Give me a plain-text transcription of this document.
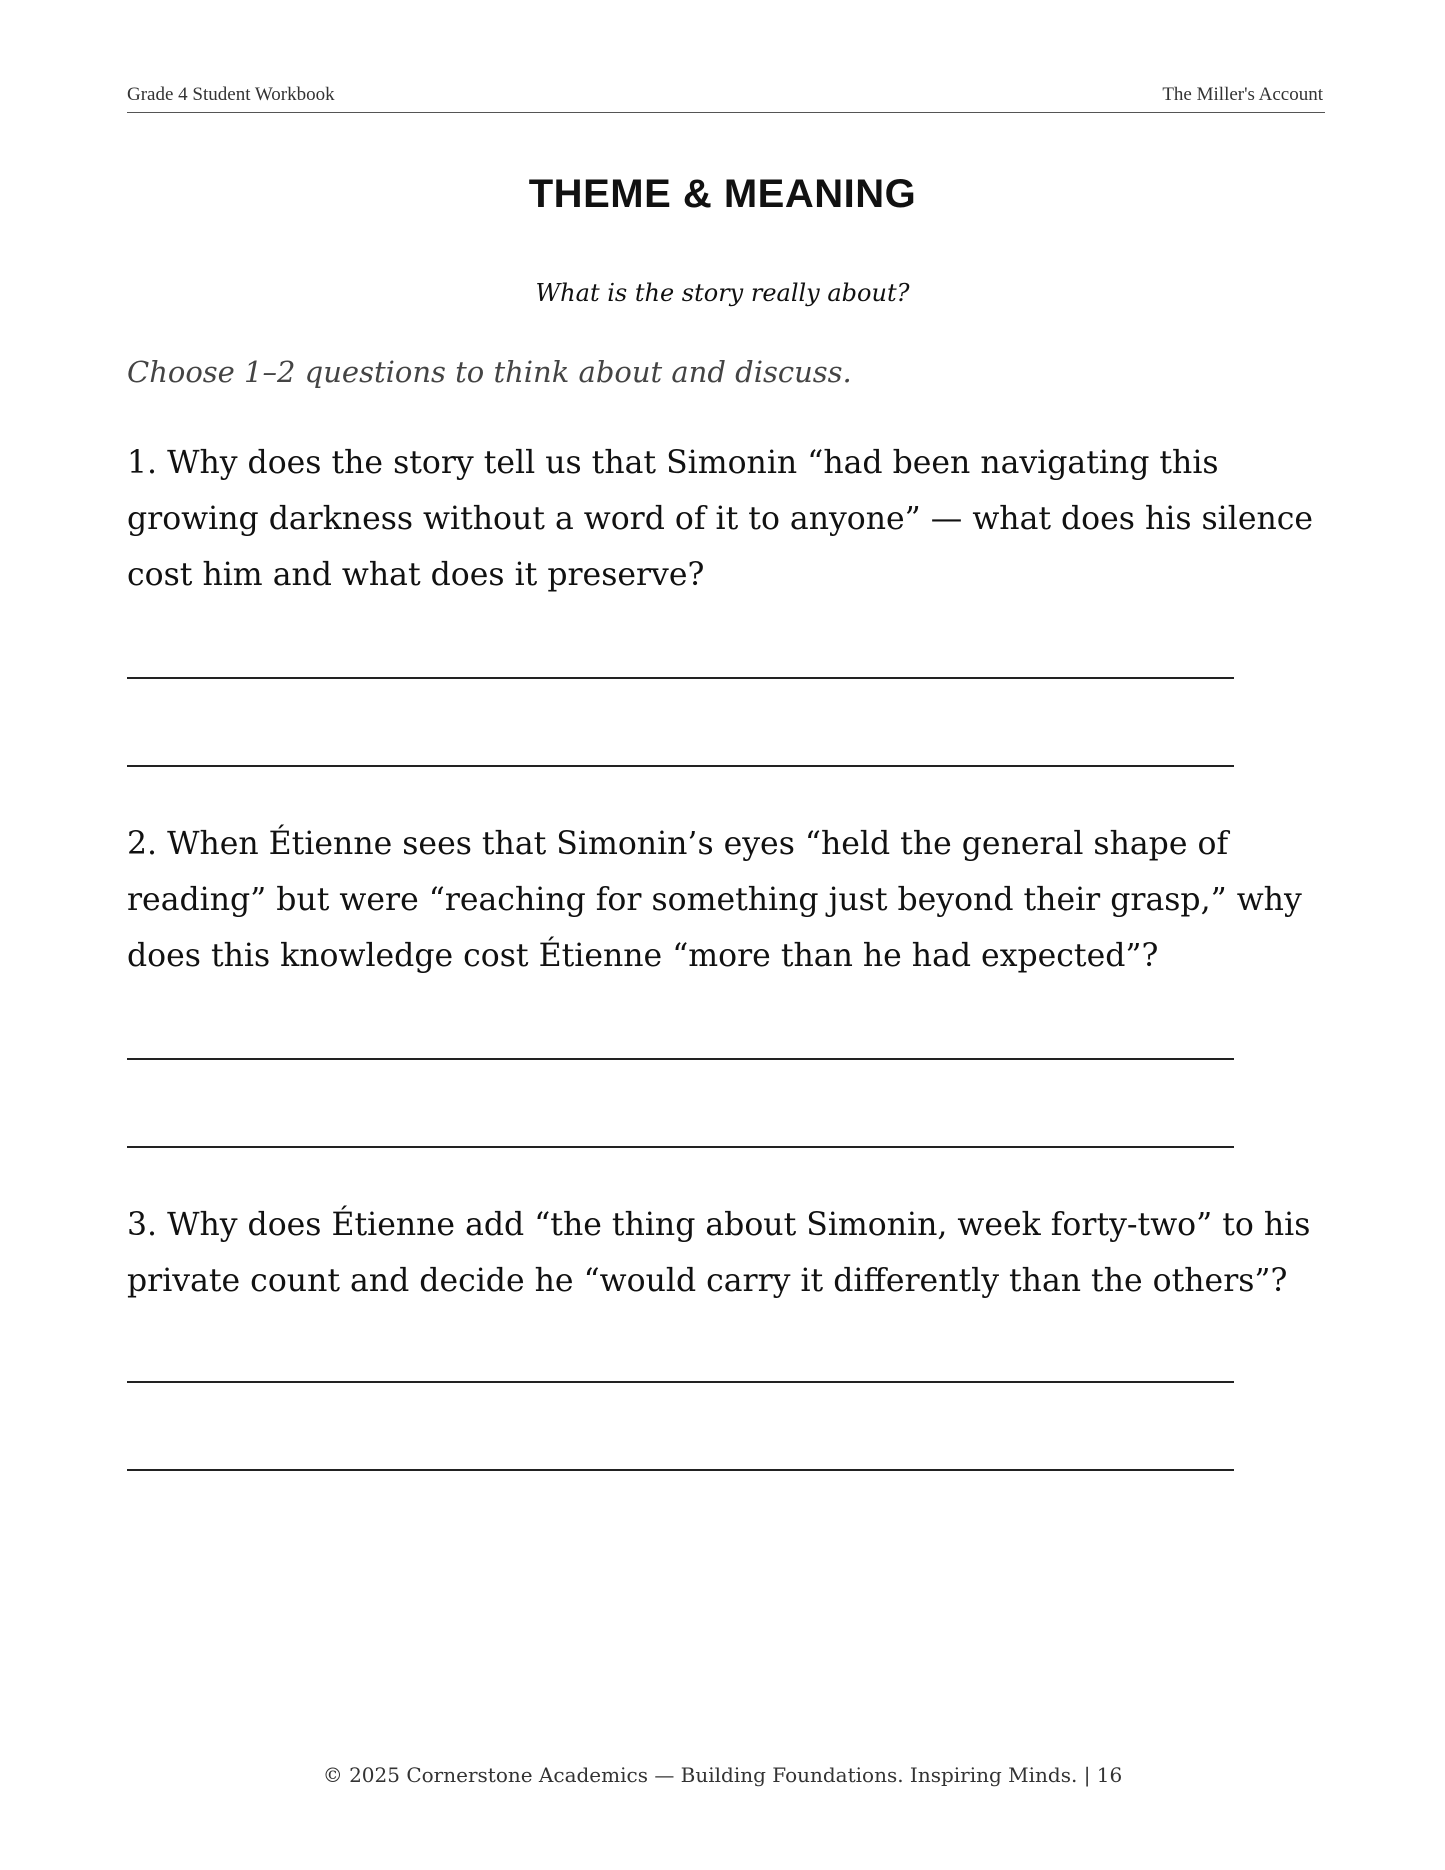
Grade 4 Student Workbook	The Miller's Account
THEME & MEANING
What is the story really about?
Choose 1–2 questions to think about and discuss.
1. Why does the story tell us that Simonin “had been navigating this growing darkness without a word of it to anyone” — what does his silence cost him and what does it preserve?
2. When Étienne sees that Simonin’s eyes “held the general shape of reading” but were “reaching for something just beyond their grasp,” why does this knowledge cost Étienne “more than he had expected”?
3. Why does Étienne add “the thing about Simonin, week forty-two” to his private count and decide he “would carry it differently than the others”?
© 2025 Cornerstone Academics — Building Foundations. Inspiring Minds. | 16
